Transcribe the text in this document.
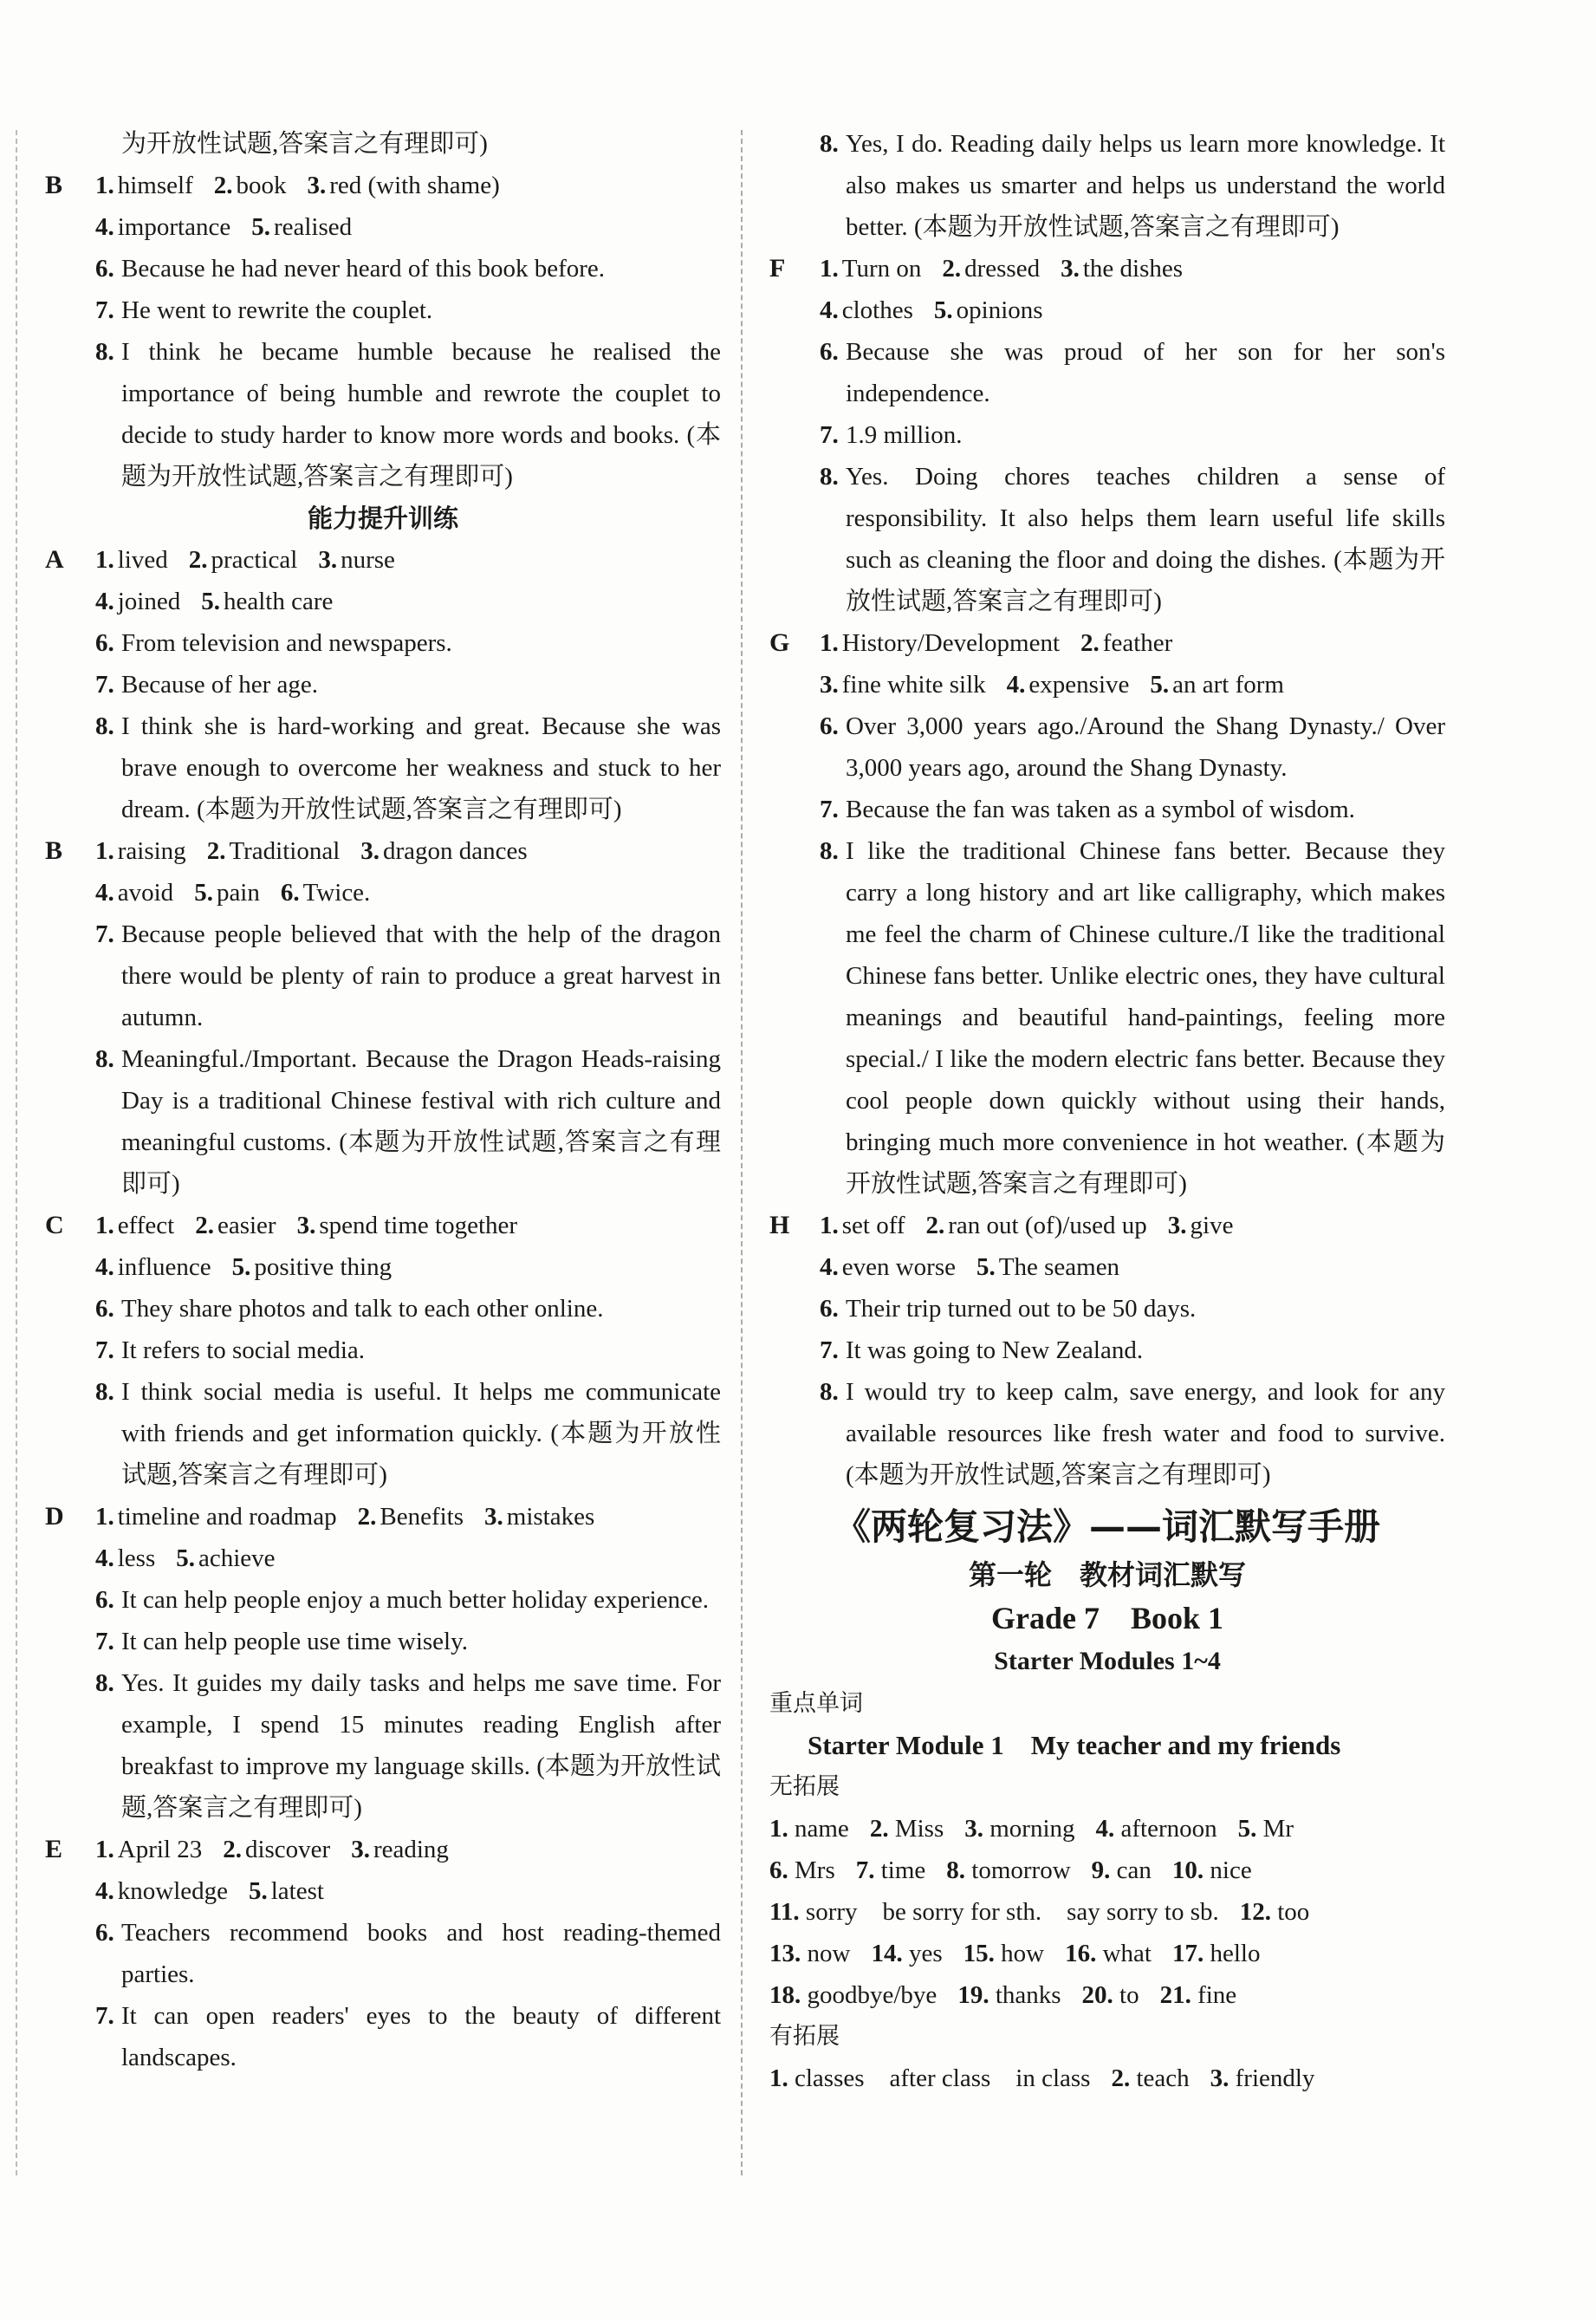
为开放性试题,答案言之有理即可)
B 1. himself 2. book 3. red (with shame)
4. importance 5. realised
6. Because he had never heard of this book before.
7. He went to rewrite the couplet.
8. I think he became humble because he realised the importance of being humble and rewrote the couplet to decide to study harder to know more words and books. (本题为开放性试题,答案言之有理即可)
能力提升训练
A 1. lived 2. practical 3. nurse
4. joined 5. health care
6. From television and newspapers.
7. Because of her age.
8. I think she is hard-working and great. Because she was brave enough to overcome her weakness and stuck to her dream. (本题为开放性试题,答案言之有理即可)
B 1. raising 2. Traditional 3. dragon dances
4. avoid 5. pain 6. Twice.
7. Because people believed that with the help of the dragon there would be plenty of rain to produce a great harvest in autumn.
8. Meaningful./Important. Because the Dragon Heads-raising Day is a traditional Chinese festival with rich culture and meaningful customs. (本题为开放性试题,答案言之有理即可)
C 1. effect 2. easier 3. spend time together
4. influence 5. positive thing
6. They share photos and talk to each other online.
7. It refers to social media.
8. I think social media is useful. It helps me communicate with friends and get information quickly. (本题为开放性试题,答案言之有理即可)
D 1. timeline and roadmap 2. Benefits 3. mistakes
4. less 5. achieve
6. It can help people enjoy a much better holiday experience.
7. It can help people use time wisely.
8. Yes. It guides my daily tasks and helps me save time. For example, I spend 15 minutes reading English after breakfast to improve my language skills. (本题为开放性试题,答案言之有理即可)
E 1. April 23 2. discover 3. reading
4. knowledge 5. latest
6. Teachers recommend books and host reading-themed parties.
7. It can open readers' eyes to the beauty of different landscapes.
8. Yes, I do. Reading daily helps us learn more knowledge. It also makes us smarter and helps us understand the world better. (本题为开放性试题,答案言之有理即可)
F 1. Turn on 2. dressed 3. the dishes
4. clothes 5. opinions
6. Because she was proud of her son for her son's independence.
7. 1.9 million.
8. Yes. Doing chores teaches children a sense of responsibility. It also helps them learn useful life skills such as cleaning the floor and doing the dishes. (本题为开放性试题,答案言之有理即可)
G 1. History/Development 2. feather
3. fine white silk 4. expensive 5. an art form
6. Over 3,000 years ago./Around the Shang Dynasty./ Over 3,000 years ago, around the Shang Dynasty.
7. Because the fan was taken as a symbol of wisdom.
8. I like the traditional Chinese fans better. Because they carry a long history and art like calligraphy, which makes me feel the charm of Chinese culture./I like the traditional Chinese fans better. Unlike electric ones, they have cultural meanings and beautiful hand-paintings, feeling more special./ I like the modern electric fans better. Because they cool people down quickly without using their hands, bringing much more convenience in hot weather. (本题为开放性试题,答案言之有理即可)
H 1. set off 2. ran out (of)/used up 3. give
4. even worse 5. The seamen
6. Their trip turned out to be 50 days.
7. It was going to New Zealand.
8. I would try to keep calm, save energy, and look for any available resources like fresh water and food to survive. (本题为开放性试题,答案言之有理即可)
《两轮复习法》——词汇默写手册
第一轮　教材词汇默写
Grade 7　Book 1
Starter Modules 1~4
重点单词
Starter Module 1　My teacher and my friends
无拓展
1. name 2. Miss 3. morning 4. afternoon 5. Mr
6. Mrs 7. time 8. tomorrow 9. can 10. nice
11. sorry　be sorry for sth.　say sorry to sb. 12. too
13. now 14. yes 15. how 16. what 17. hello
18. goodbye/bye 19. thanks 20. to 21. fine
有拓展
1. classes　after class　in class 2. teach 3. friendly
